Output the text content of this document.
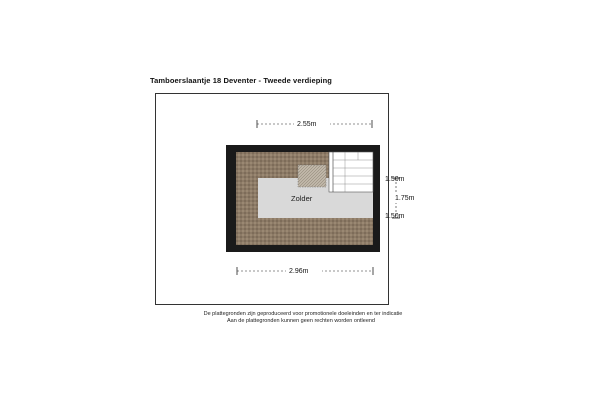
Tamboerslaantje 18 Deventer - Tweede verdieping
Zolder
2.55m
2.96m
1.75m
1.50m
1.50m
De plattegronden zijn geproduceerd voor promotionele doeleinden en ter indicatie
Aan de plattegronden kunnen geen rechten worden ontleend
